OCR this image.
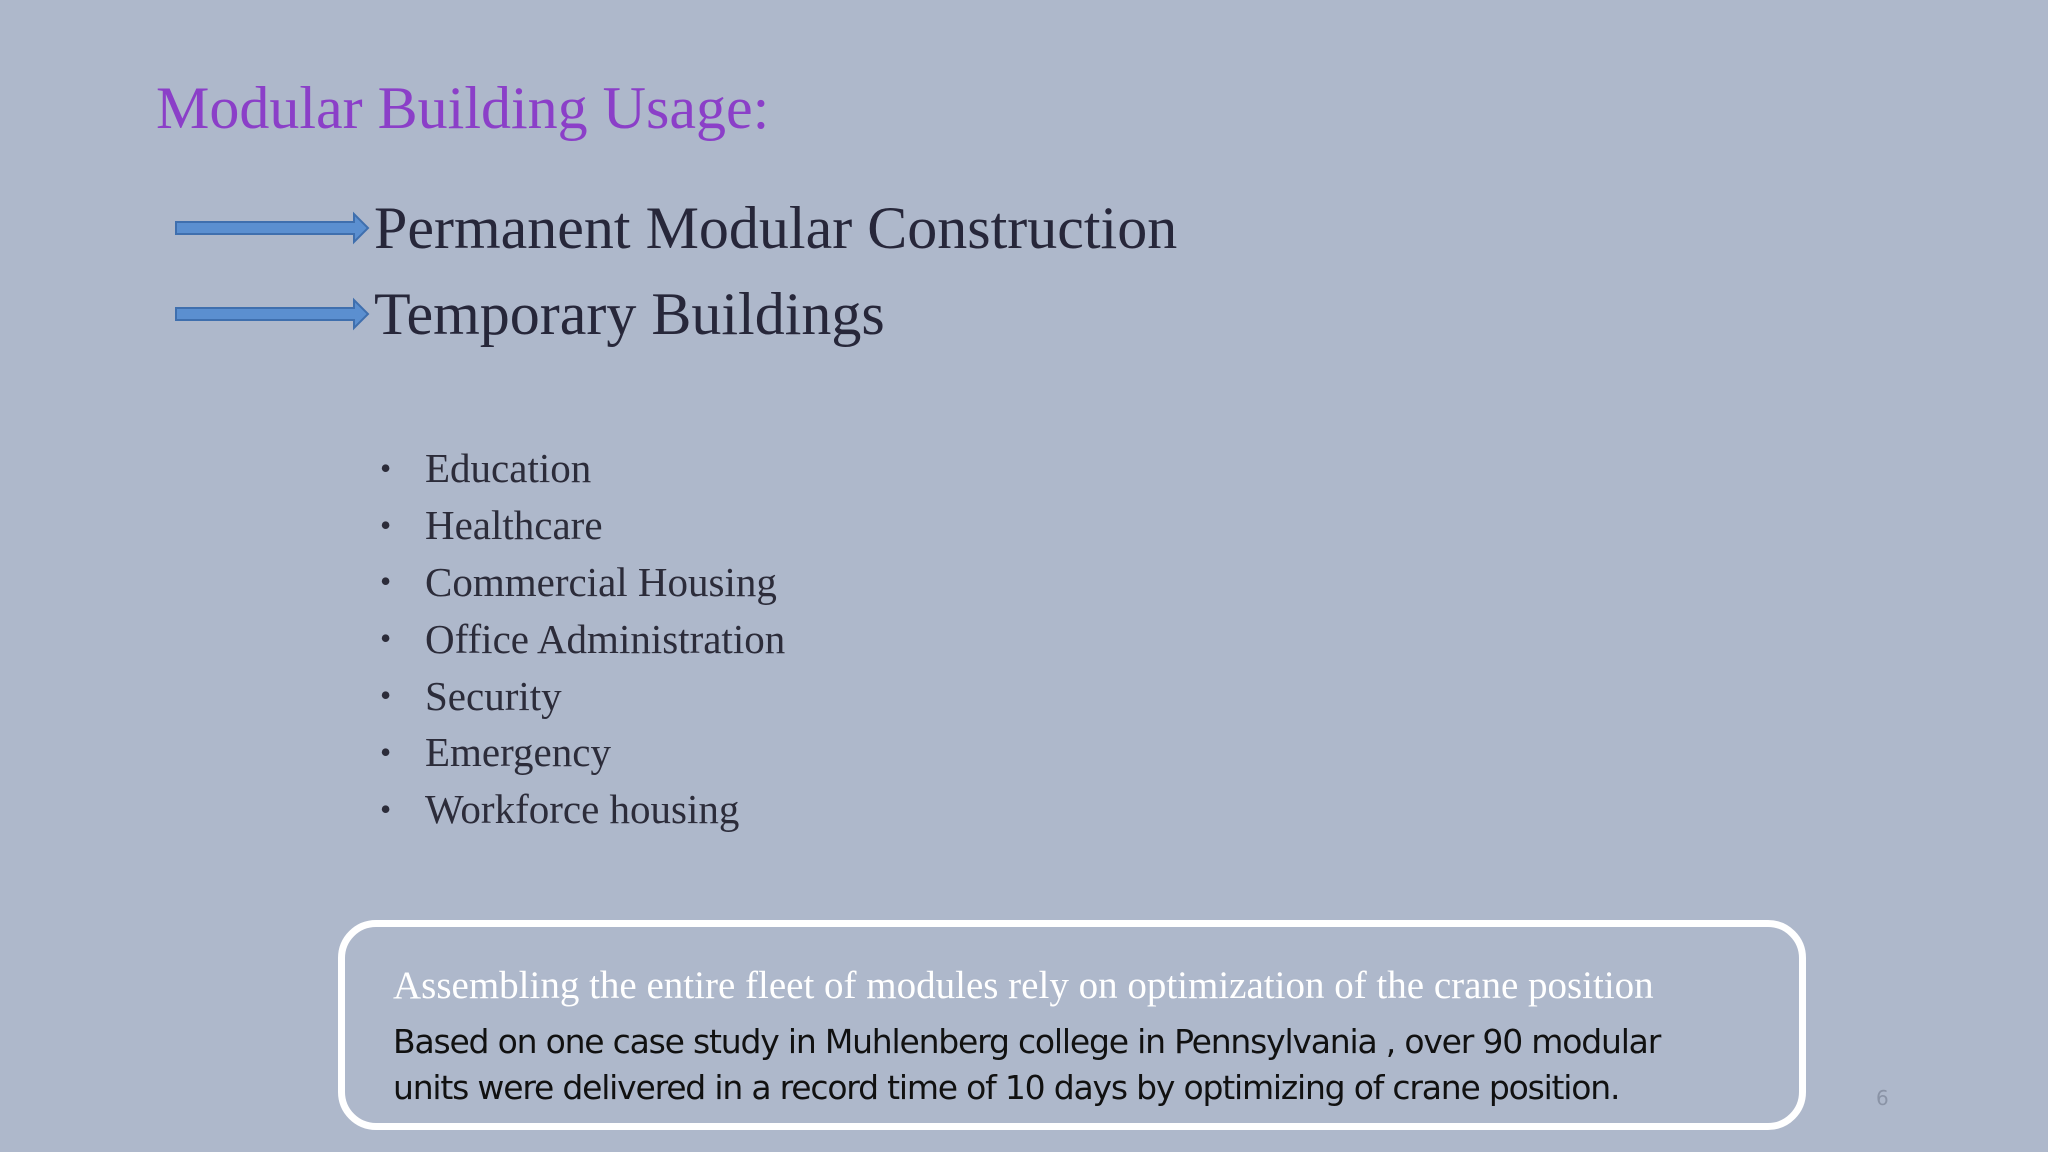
Modular Building Usage:
Permanent Modular Construction
Temporary Buildings
• Education
• Healthcare
• Commercial Housing
• Office Administration
• Security
• Emergency
• Workforce housing
Assembling the entire fleet of modules rely on optimization of the crane position
Based on one case study in Muhlenberg college in Pennsylvania , over 90 modular
units were delivered in a record time of 10 days by optimizing of crane position.	6
